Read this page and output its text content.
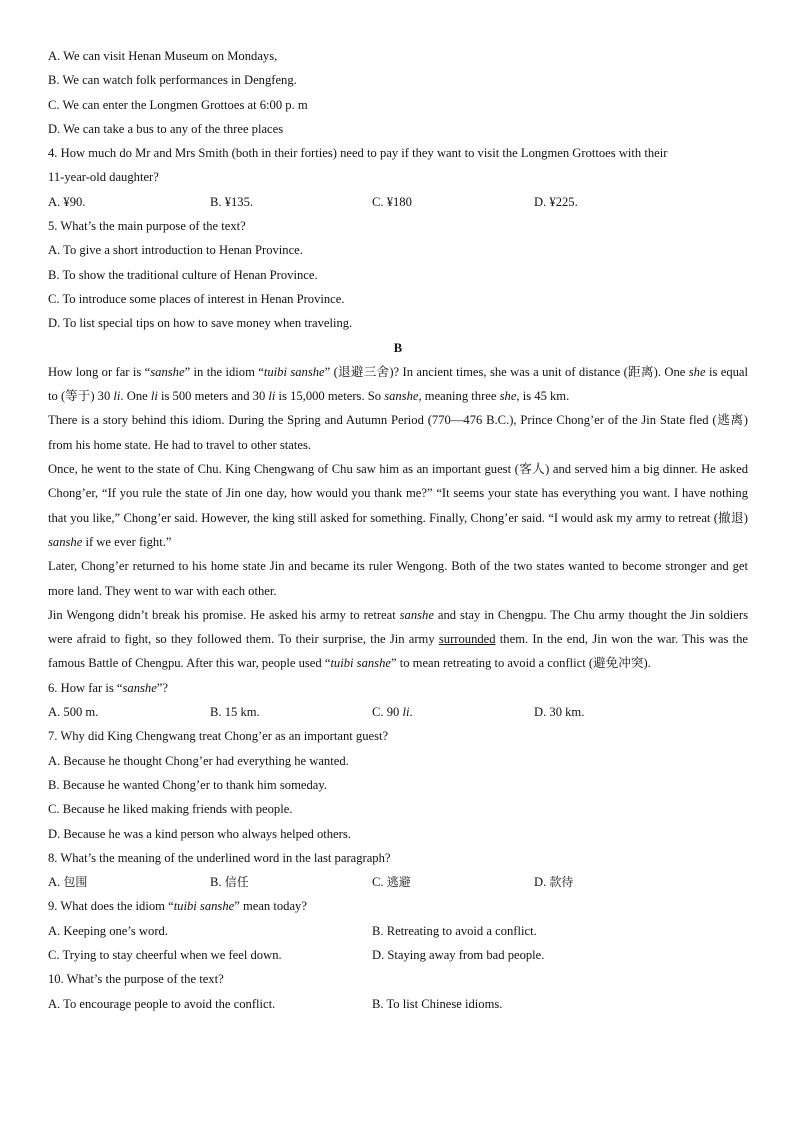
A. We can visit Henan Museum on Mondays,
B. We can watch folk performances in Dengfeng.
C. We can enter the Longmen Grottoes at 6:00 p. m
D. We can take a bus to any of the three places
4. How much do Mr and Mrs Smith (both in their forties) need to pay if they want to visit the Longmen Grottoes with their
11-year-old daughter?
A. ¥90.	B. ¥135.	C. ¥180	D. ¥225.
5. What’s the main purpose of the text?
A. To give a short introduction to Henan Province.
B. To show the traditional culture of Henan Province.
C. To introduce some places of interest in Henan Province.
D. To list special tips on how to save money when traveling.
B
How long or far is “sanshe” in the idiom “tuibi sanshe” (退避三舍)? In ancient times, she was a unit of distance (距离). One she is equal to (等于) 30 li. One li is 500 meters and 30 li is 15,000 meters. So sanshe, meaning three she, is 45 km.
There is a story behind this idiom. During the Spring and Autumn Period (770—476 B.C.), Prince Chong’er of the Jin State fled (逃离) from his home state. He had to travel to other states.
Once, he went to the state of Chu. King Chengwang of Chu saw him as an important guest (客人) and served him a big dinner. He asked Chong’er, “If you rule the state of Jin one day, how would you thank me?” “It seems your state has everything you want. I have nothing that you like,” Chong’er said. However, the king still asked for something. Finally, Chong’er said. “I would ask my army to retreat (撤退) sanshe if we ever fight.”
Later, Chong’er returned to his home state Jin and became its ruler Wengong. Both of the two states wanted to become stronger and get more land. They went to war with each other.
Jin Wengong didn’t break his promise. He asked his army to retreat sanshe and stay in Chengpu. The Chu army thought the Jin soldiers were afraid to fight, so they followed them. To their surprise, the Jin army surrounded them. In the end, Jin won the war. This was the famous Battle of Chengpu. After this war, people used “tuibi sanshe” to mean retreating to avoid a conflict (避免冲突).
6. How far is “sanshe”?
A. 500 m.	B. 15 km.	C. 90 li.	D. 30 km.
7. Why did King Chengwang treat Chong’er as an important guest?
A. Because he thought Chong’er had everything he wanted.
B. Because he wanted Chong’er to thank him someday.
C. Because he liked making friends with people.
D. Because he was a kind person who always helped others.
8. What’s the meaning of the underlined word in the last paragraph?
A. 包围	B. 信任	C. 逃避	D. 款待
9. What does the idiom “tuibi sanshe” mean today?
A. Keeping one’s word.	B. Retreating to avoid a conflict.
C. Trying to stay cheerful when we feel down.	D. Staying away from bad people.
10. What’s the purpose of the text?
A. To encourage people to avoid the conflict.	B. To list Chinese idioms.
